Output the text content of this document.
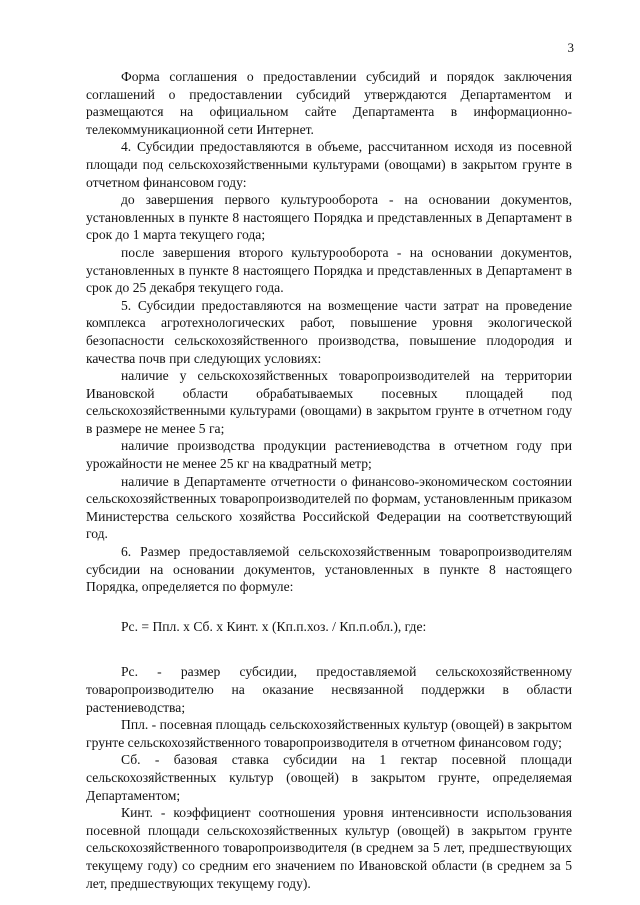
3

Форма соглашения о предоставлении субсидий и порядок заключения соглашений о предоставлении субсидий утверждаются Департаментом и размещаются на официальном сайте Департамента в информационно-телекоммуникационной сети Интернет.

4. Субсидии предоставляются в объеме, рассчитанном исходя из посевной площади под сельскохозяйственными культурами (овощами) в закрытом грунте в отчетном финансовом году:

до завершения первого культурооборота - на основании документов, установленных в пункте 8 настоящего Порядка и представленных в Департамент в срок до 1 марта текущего года;

после завершения второго культурооборота - на основании документов, установленных в пункте 8 настоящего Порядка и представленных в Департамент в срок до 25 декабря текущего года.

5. Субсидии предоставляются на возмещение части затрат на проведение комплекса агротехнологических работ, повышение уровня экологической безопасности сельскохозяйственного производства, повышение плодородия и качества почв при следующих условиях:

наличие у сельскохозяйственных товаропроизводителей на территории Ивановской области обрабатываемых посевных площадей под сельскохозяйственными культурами (овощами) в закрытом грунте в отчетном году в размере не менее 5 га;

наличие производства продукции растениеводства в отчетном году при урожайности не менее 25 кг на квадратный метр;

наличие в Департаменте отчетности о финансово-экономическом состоянии сельскохозяйственных товаропроизводителей по формам, установленным приказом Министерства сельского хозяйства Российской Федерации на соответствующий год.

6. Размер предоставляемой сельскохозяйственным товаропроизводителям субсидии на основании документов, установленных в пункте 8 настоящего Порядка, определяется по формуле:

Рс. = Ппл. х Сб. х Кинт. х (Кп.п.хоз. / Кп.п.обл.), где:

Рс. - размер субсидии, предоставляемой сельскохозяйственному товаропроизводителю на оказание несвязанной поддержки в области растениеводства;

Ппл. - посевная площадь сельскохозяйственных культур (овощей) в закрытом грунте сельскохозяйственного товаропроизводителя в отчетном финансовом году;

Сб. - базовая ставка субсидии на 1 гектар посевной площади сельскохозяйственных культур (овощей) в закрытом грунте, определяемая Департаментом;

Кинт. - коэффициент соотношения уровня интенсивности использования посевной площади сельскохозяйственных культур (овощей) в закрытом грунте сельскохозяйственного товаропроизводителя (в среднем за 5 лет, предшествующих текущему году) со средним его значением по Ивановской области (в среднем за 5 лет, предшествующих текущему году).
